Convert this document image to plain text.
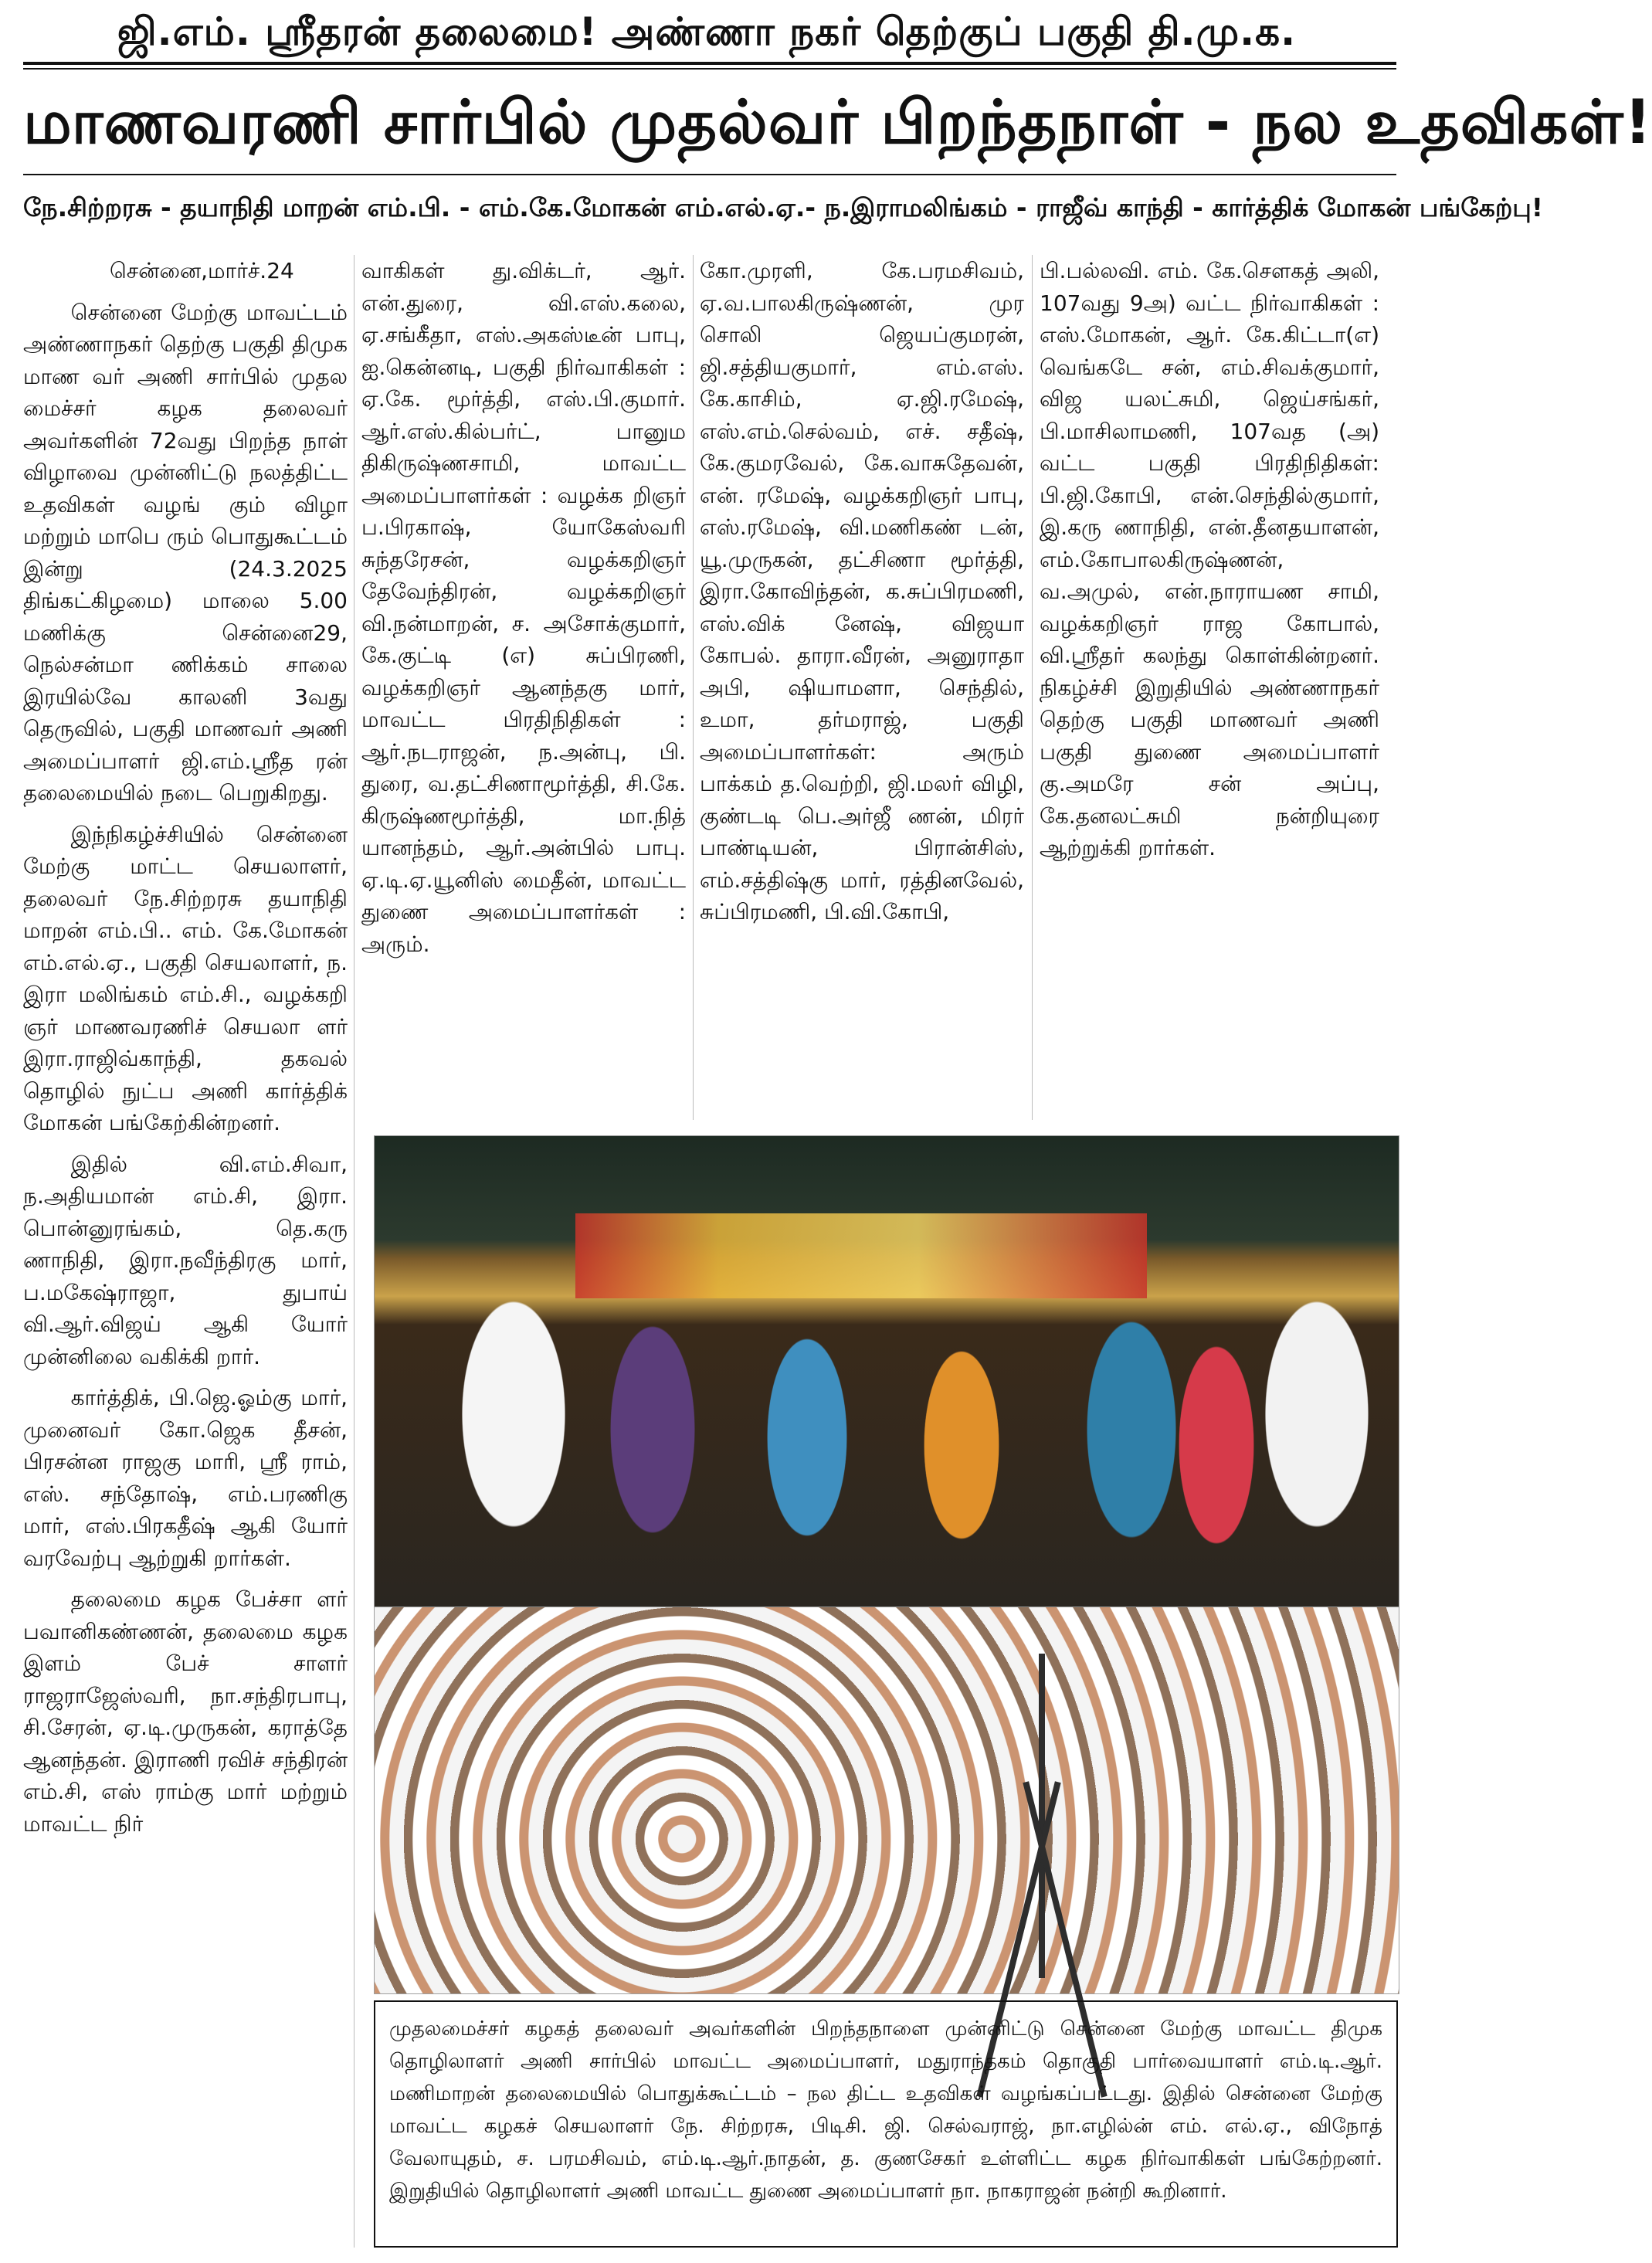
ஜி.எம். ஸ்ரீதரன் தலைமை! அண்ணா நகர் தெற்குப் பகுதி தி.மு.க.
மாணவரணி சார்பில் முதல்வர் பிறந்தநாள் - நல உதவிகள்!
நே.சிற்றரசு - தயாநிதி மாறன் எம்.பி. - எம்.கே.மோகன் எம்.எல்.ஏ.- ந.இராமலிங்கம் - ராஜீவ் காந்தி - கார்த்திக் மோகன் பங்கேற்பு!

சென்னை,மார்ச்.24

சென்னை மேற்கு மாவட்டம் அண்ணாநகர் தெற்கு பகுதி திமுக மாண வர் அணி சார்பில் முதல மைச்சர் கழக தலைவர் அவர்களின் 72வது பிறந்த நாள் விழாவை முன்னிட்டு நலத்திட்ட உதவிகள் வழங் கும் விழா மற்றும் மாபெ ரும் பொதுகூட்டம் இன்று (24.3.2025 திங்கட்கிழமை) மாலை 5.00 மணிக்கு சென்னை29, நெல்சன்மா ணிக்கம் சாலை இரயில்வே காலனி 3வது தெருவில், பகுதி மாணவர் அணி அமைப்பாளர் ஜி.எம்.ஸ்ரீத ரன் தலைமையில் நடை பெறுகிறது.

இந்நிகழ்ச்சியில் சென்னை மேற்கு மாட்ட செயலாளர், தலைவர் நே.சிற்றரசு தயாநிதி மாறன் எம்.பி.. எம். கே.மோகன் எம்.எல்.ஏ., பகுதி செயலாளர், ந. இரா மலிங்கம் எம்.சி., வழக்கறி ஞர் மாணவரணிச் செயலா ளர் இரா.ராஜிவ்காந்தி, தகவல் தொழில் நுட்ப அணி கார்த்திக் மோகன் பங்கேற்கின்றனர்.

இதில் வி.எம்.சிவா, ந.அதியமான் எம்.சி, இரா. பொன்னுரங்கம், தெ.கரு ணாநிதி, இரா.நவீந்திரகு மார், ப.மகேஷ்ராஜா, துபாய் வி.ஆர்.விஜய் ஆகி யோர் முன்னிலை வகிக்கி றார்.

கார்த்திக், பி.ஜெ.ஓம்கு மார், முனைவர் கோ.ஜெக தீசன், பிரசன்ன ராஜகு மாரி, ஸ்ரீ ராம், எஸ். சந்தோஷ், எம்.பரணிகு மார், எஸ்.பிரகதீஷ் ஆகி யோர் வரவேற்பு ஆற்றுகி றார்கள்.

தலைமை கழக பேச்சா ளர் பவானிகண்ணன், தலைமை கழக இளம் பேச் சாளர் ராஜராஜேஸ்வரி, நா.சந்திரபாபு, சி.சேரன், ஏ.டி.முருகன், கராத்தே ஆனந்தன். இராணி ரவிச் சந்திரன் எம்.சி, எஸ் ராம்கு மார் மற்றும் மாவட்ட நிர்

வாகிகள் து.விக்டர், ஆர். என்.துரை, வி.எஸ்.கலை, ஏ.சங்கீதா, எஸ்.அகஸ்டீன் பாபு, ஐ.கென்னடி, பகுதி நிர்வாகிகள் : ஏ.கே. மூர்த்தி, எஸ்.பி.குமார். ஆர்.எஸ்.கில்பர்ட், பானும திகிருஷ்ணசாமி, மாவட்ட அமைப்பாளர்கள் : வழக்க றிஞர் ப.பிரகாஷ், யோகேஸ்வரி சுந்தரேசன், வழக்கறிஞர் தேவேந்திரன், வழக்கறிஞர் வி.நன்மாறன், ச. அசோக்குமார், கே.குட்டி (எ) சுப்பிரணி, வழக்கறிஞர் ஆனந்தகு மார், மாவட்ட பிரதிநிதிகள் : ஆர்.நடராஜன், ந.அன்பு, பி. துரை, வ.தட்சிணாமூர்த்தி, சி.கே. கிருஷ்ணமூர்த்தி, மா.நித் யானந்தம், ஆர்.அன்பில் பாபு. ஏ.டி.ஏ.யூனிஸ் மைதீன், மாவட்ட துணை அமைப்பாளர்கள் : அரும்.

கோ.முரளி, கே.பரமசிவம், ஏ.வ.பாலகிருஷ்ணன், முர சொலி ஜெயப்குமரன், ஜி.சத்தியகுமார், எம்.எஸ். கே.காசிம், ஏ.ஜி.ரமேஷ், எஸ்.எம்.செல்வம், எச். சதீஷ், கே.குமரவேல், கே.வாசுதேவன், என். ரமேஷ், வழக்கறிஞர் பாபு, எஸ்.ரமேஷ், வி.மணிகண் டன், யூ.முருகன், தட்சிணா மூர்த்தி, இரா.கோவிந்தன், க.சுப்பிரமணி, எஸ்.விக் னேஷ், விஜயா கோபல். தாரா.வீரன், அனுராதா அபி, ஷியாமளா, செந்தில், உமா, தர்மராஜ், பகுதி அமைப்பாளர்கள்: அரும் பாக்கம் த.வெற்றி, ஜி.மலர் விழி, குண்டடி பெ.அர்ஜீ ணன், மிரர் பாண்டியன், பிரான்சிஸ், எம்.சத்திஷ்கு மார், ரத்தினவேல், சுப்பிரமணி, பி.வி.கோபி,

பி.பல்லவி. எம். கே.சௌகத் அலி, 107வது 9அ) வட்ட நிர்வாகிகள் : எஸ்.மோகன், ஆர். கே.கிட்டா(எ) வெங்கடே சன், எம்.சிவக்குமார், விஜ யலட்சுமி, ஜெய்சங்கர், பி.மாசிலாமணி, 107வத (அ) வட்ட பகுதி பிரதிநிதிகள்: பி.ஜி.கோபி, என்.செந்தில்குமார், இ.கரு ணாநிதி, என்.தீனதயாளன், எம்.கோபாலகிருஷ்ணன், வ.அமுல், என்.நாராயண சாமி, வழக்கறிஞர் ராஜ கோபால், வி.ஸ்ரீதர் கலந்து கொள்கின்றனர். நிகழ்ச்சி இறுதியில் அண்ணாநகர் தெற்கு பகுதி மாணவர் அணி பகுதி துணை அமைப்பாளர் கு.அமரே சன் அப்பு, கே.தனலட்சுமி நன்றியுரை ஆற்றுக்கி றார்கள்.

முதலமைச்சர் கழகத் தலைவர் அவர்களின் பிறந்தநாளை முன்னிட்டு சென்னை மேற்கு மாவட்ட திமுக தொழிலாளர் அணி சார்பில் மாவட்ட அமைப்பாளர், மதுராந்தகம் தொகுதி பார்வையாளர் எம்.டி.ஆர். மணிமாறன் தலைமையில் பொதுக்கூட்டம் – நல திட்ட உதவிகள் வழங்கப்பட்டது. இதில் சென்னை மேற்கு மாவட்ட கழகச் செயலாளர் நே. சிற்றரசு, பிடிசி. ஜி. செல்வராஜ், நா.எழில்ன் எம். எல்.ஏ., விநோத் வேலாயுதம், ச. பரமசிவம், எம்.டி.ஆர்.நாதன், த. குணசேகர் உள்ளிட்ட கழக நிர்வாகிகள் பங்கேற்றனர். இறுதியில் தொழிலாளர் அணி மாவட்ட துணை அமைப்பாளர் நா. நாகராஜன் நன்றி கூறினார்.
